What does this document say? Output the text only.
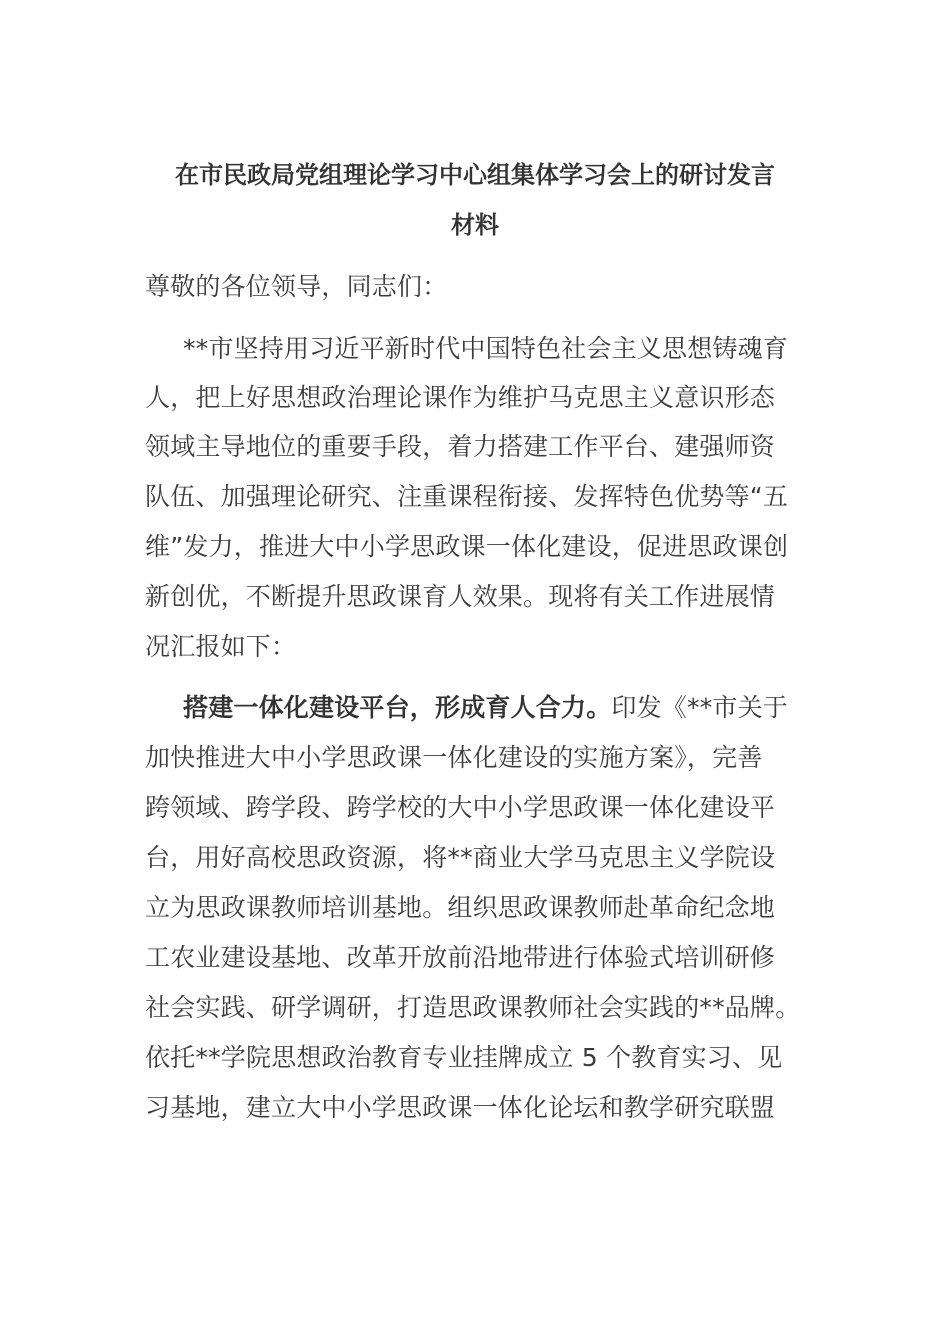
在市民政局党组理论学习中心组集体学习会上的研讨发言
材料
尊敬的各位领导，同志们：
**市坚持用习近平新时代中国特色社会主义思想铸魂育
人，把上好思想政治理论课作为维护马克思主义意识形态
领域主导地位的重要手段，着力搭建工作平台、建强师资
队伍、加强理论研究、注重课程衔接、发挥特色优势等“五
维”发力，推进大中小学思政课一体化建设，促进思政课创
新创优，不断提升思政课育人效果。现将有关工作进展情
况汇报如下：
搭建一体化建设平台，形成育人合力。印发《**市关于
加快推进大中小学思政课一体化建设的实施方案》，完善
跨领域、跨学段、跨学校的大中小学思政课一体化建设平
台，用好高校思政资源，将**商业大学马克思主义学院设
立为思政课教师培训基地。组织思政课教师赴革命纪念地
工农业建设基地、改革开放前沿地带进行体验式培训研修
社会实践、研学调研，打造思政课教师社会实践的**品牌。
依托**学院思想政治教育专业挂牌成立 5 个教育实习、见
习基地，建立大中小学思政课一体化论坛和教学研究联盟
